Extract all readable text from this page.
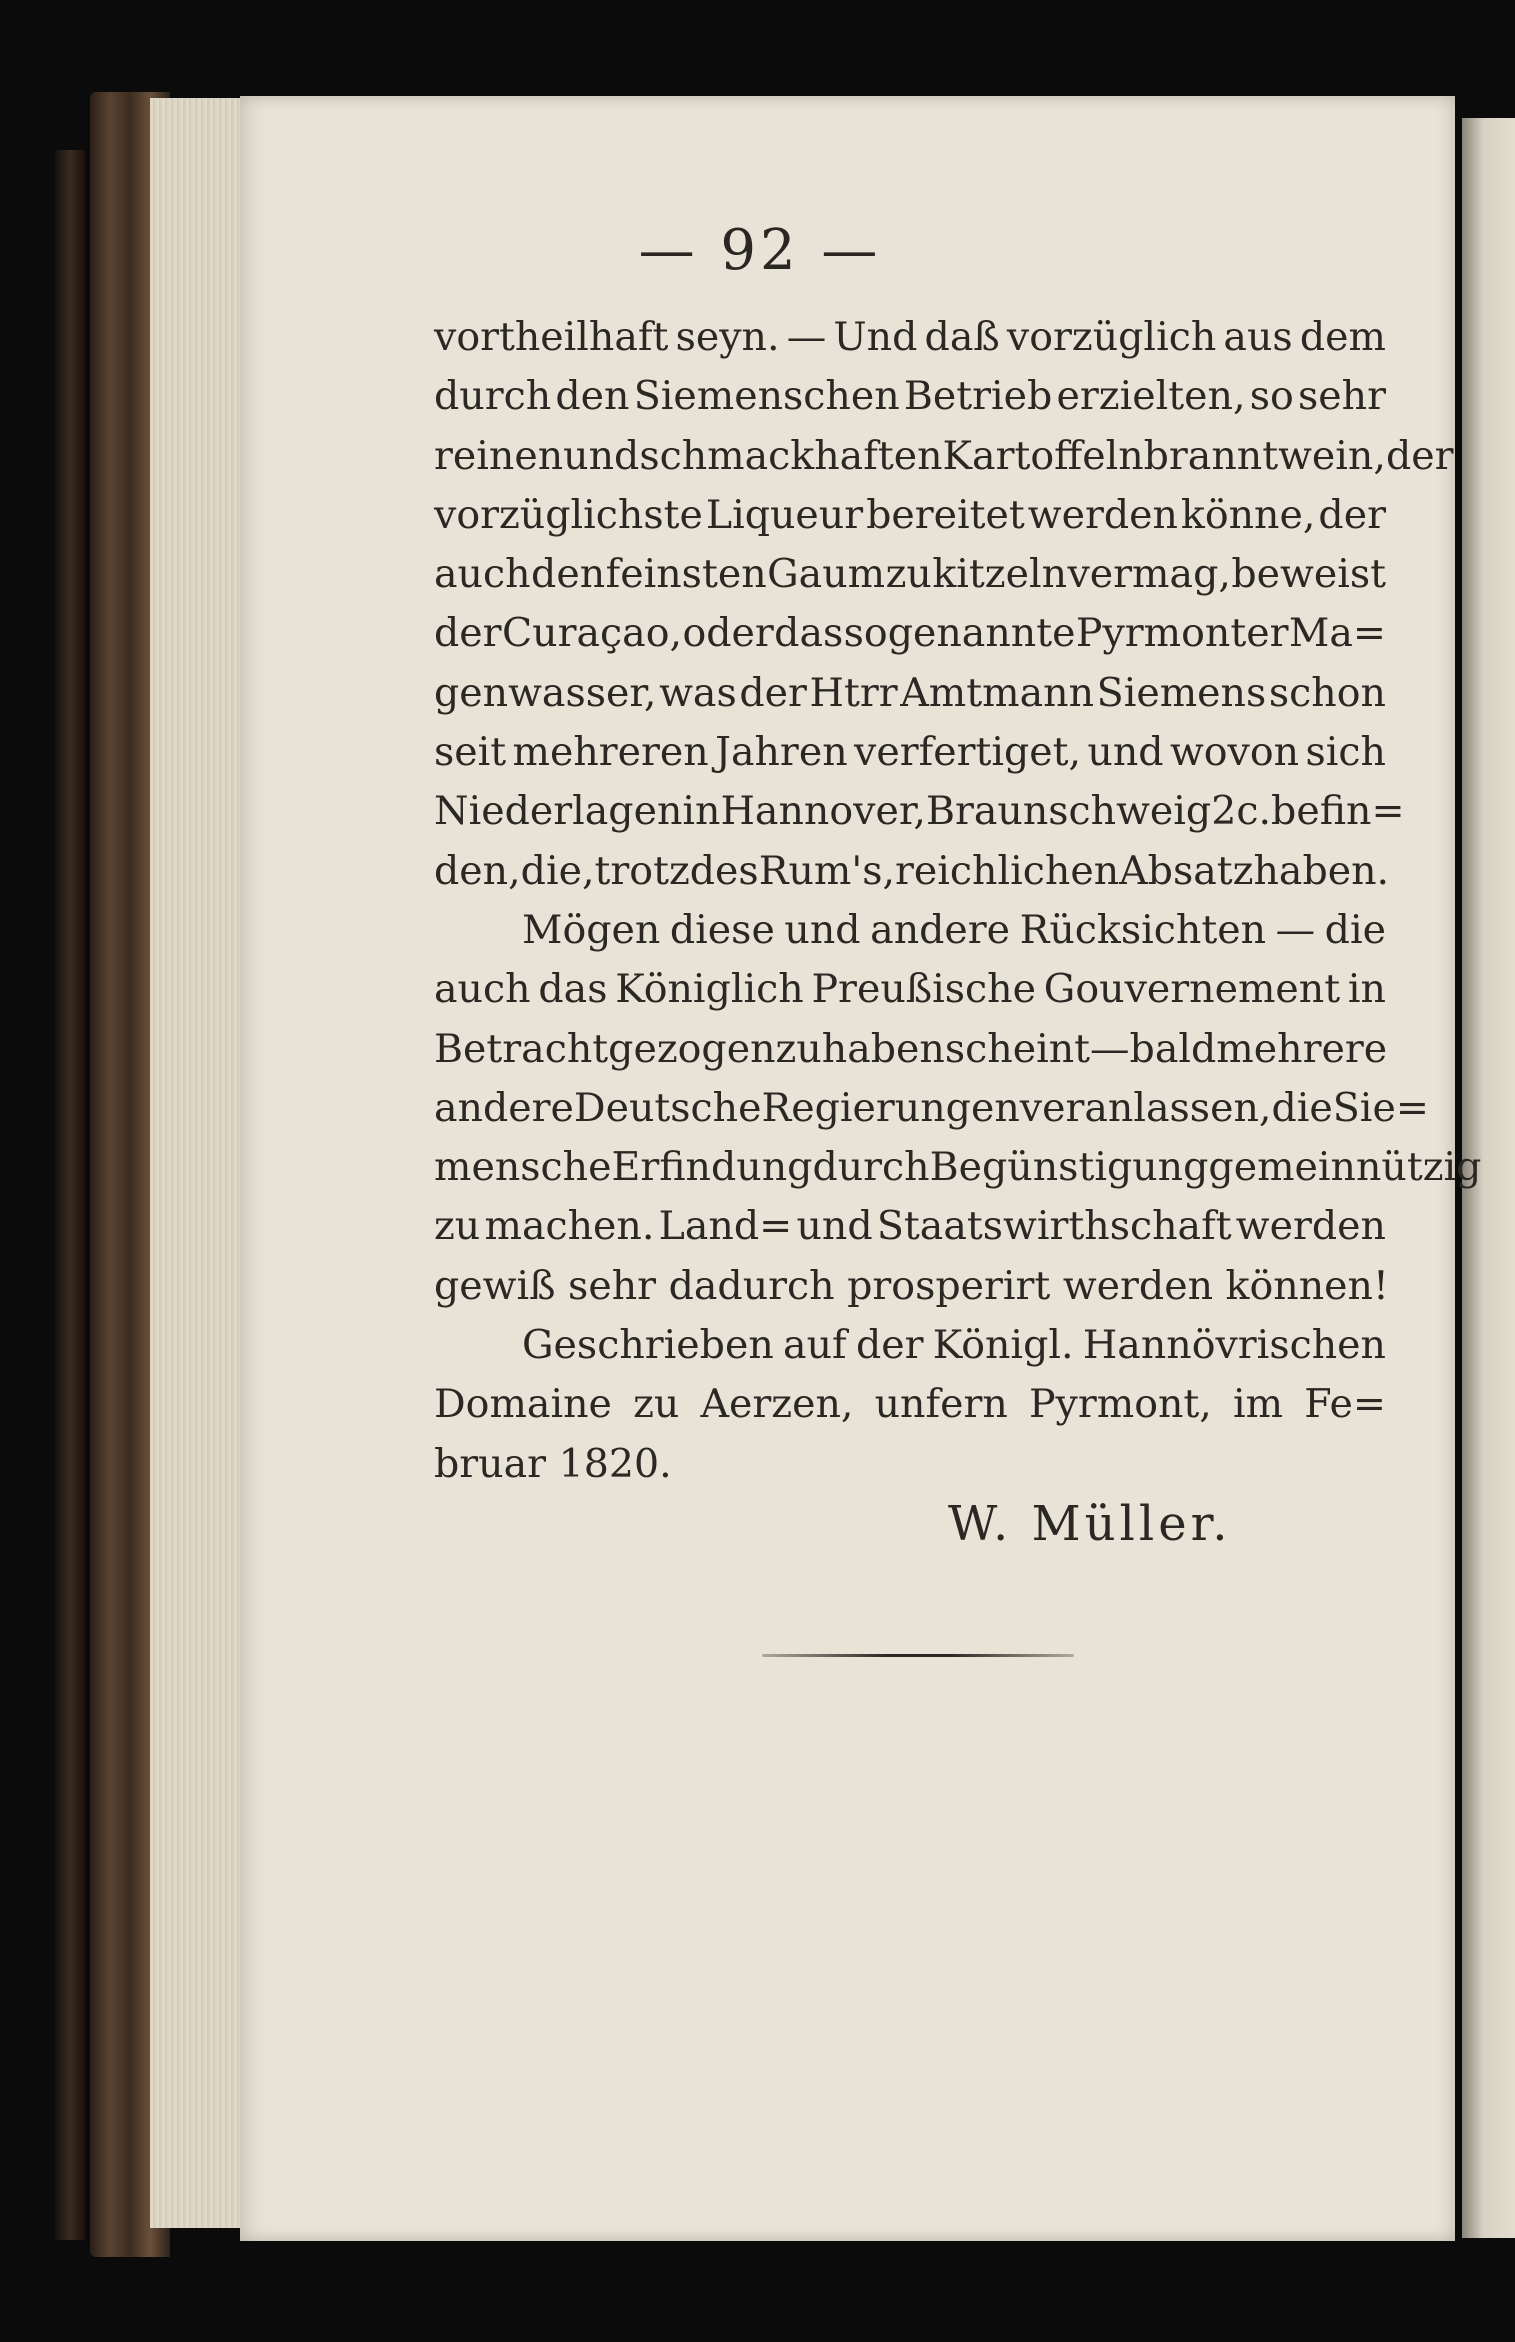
— 92 —
vortheilhaft seyn. — Und daß vorzüglich aus dem
durch den Siemenschen Betrieb erzielten, so sehr
reinen und schmackhaften Kartoffelnbranntwein, der
vorzüglichste Liqueur bereitet werden könne, der
auch den feinsten Gaum zu kitzeln vermag, beweist
der Curaçao, oder das sogenannte Pyrmonter Ma=
genwasser, was der Htrr Amtmann Siemens schon
seit mehreren Jahren verfertiget, und wovon sich
Niederlagen in Hannover, Braunschweig 2c. befin=
den, die, trotz des Rum's, reichlichen Absatz haben.
Mögen diese und andere Rücksichten — die
auch das Königlich Preußische Gouvernement in
Betracht gezogen zu haben scheint — bald mehrere
andere Deutsche Regierungen veranlassen, die Sie=
mensche Erfindung durch Begünstigung gemeinnützig
zu machen. Land= und Staatswirthschaft werden
gewiß sehr dadurch prosperirt werden können!
Geschrieben auf der Königl. Hannövrischen
Domaine zu Aerzen, unfern Pyrmont, im Fe=
bruar 1820.
W. Müller.
